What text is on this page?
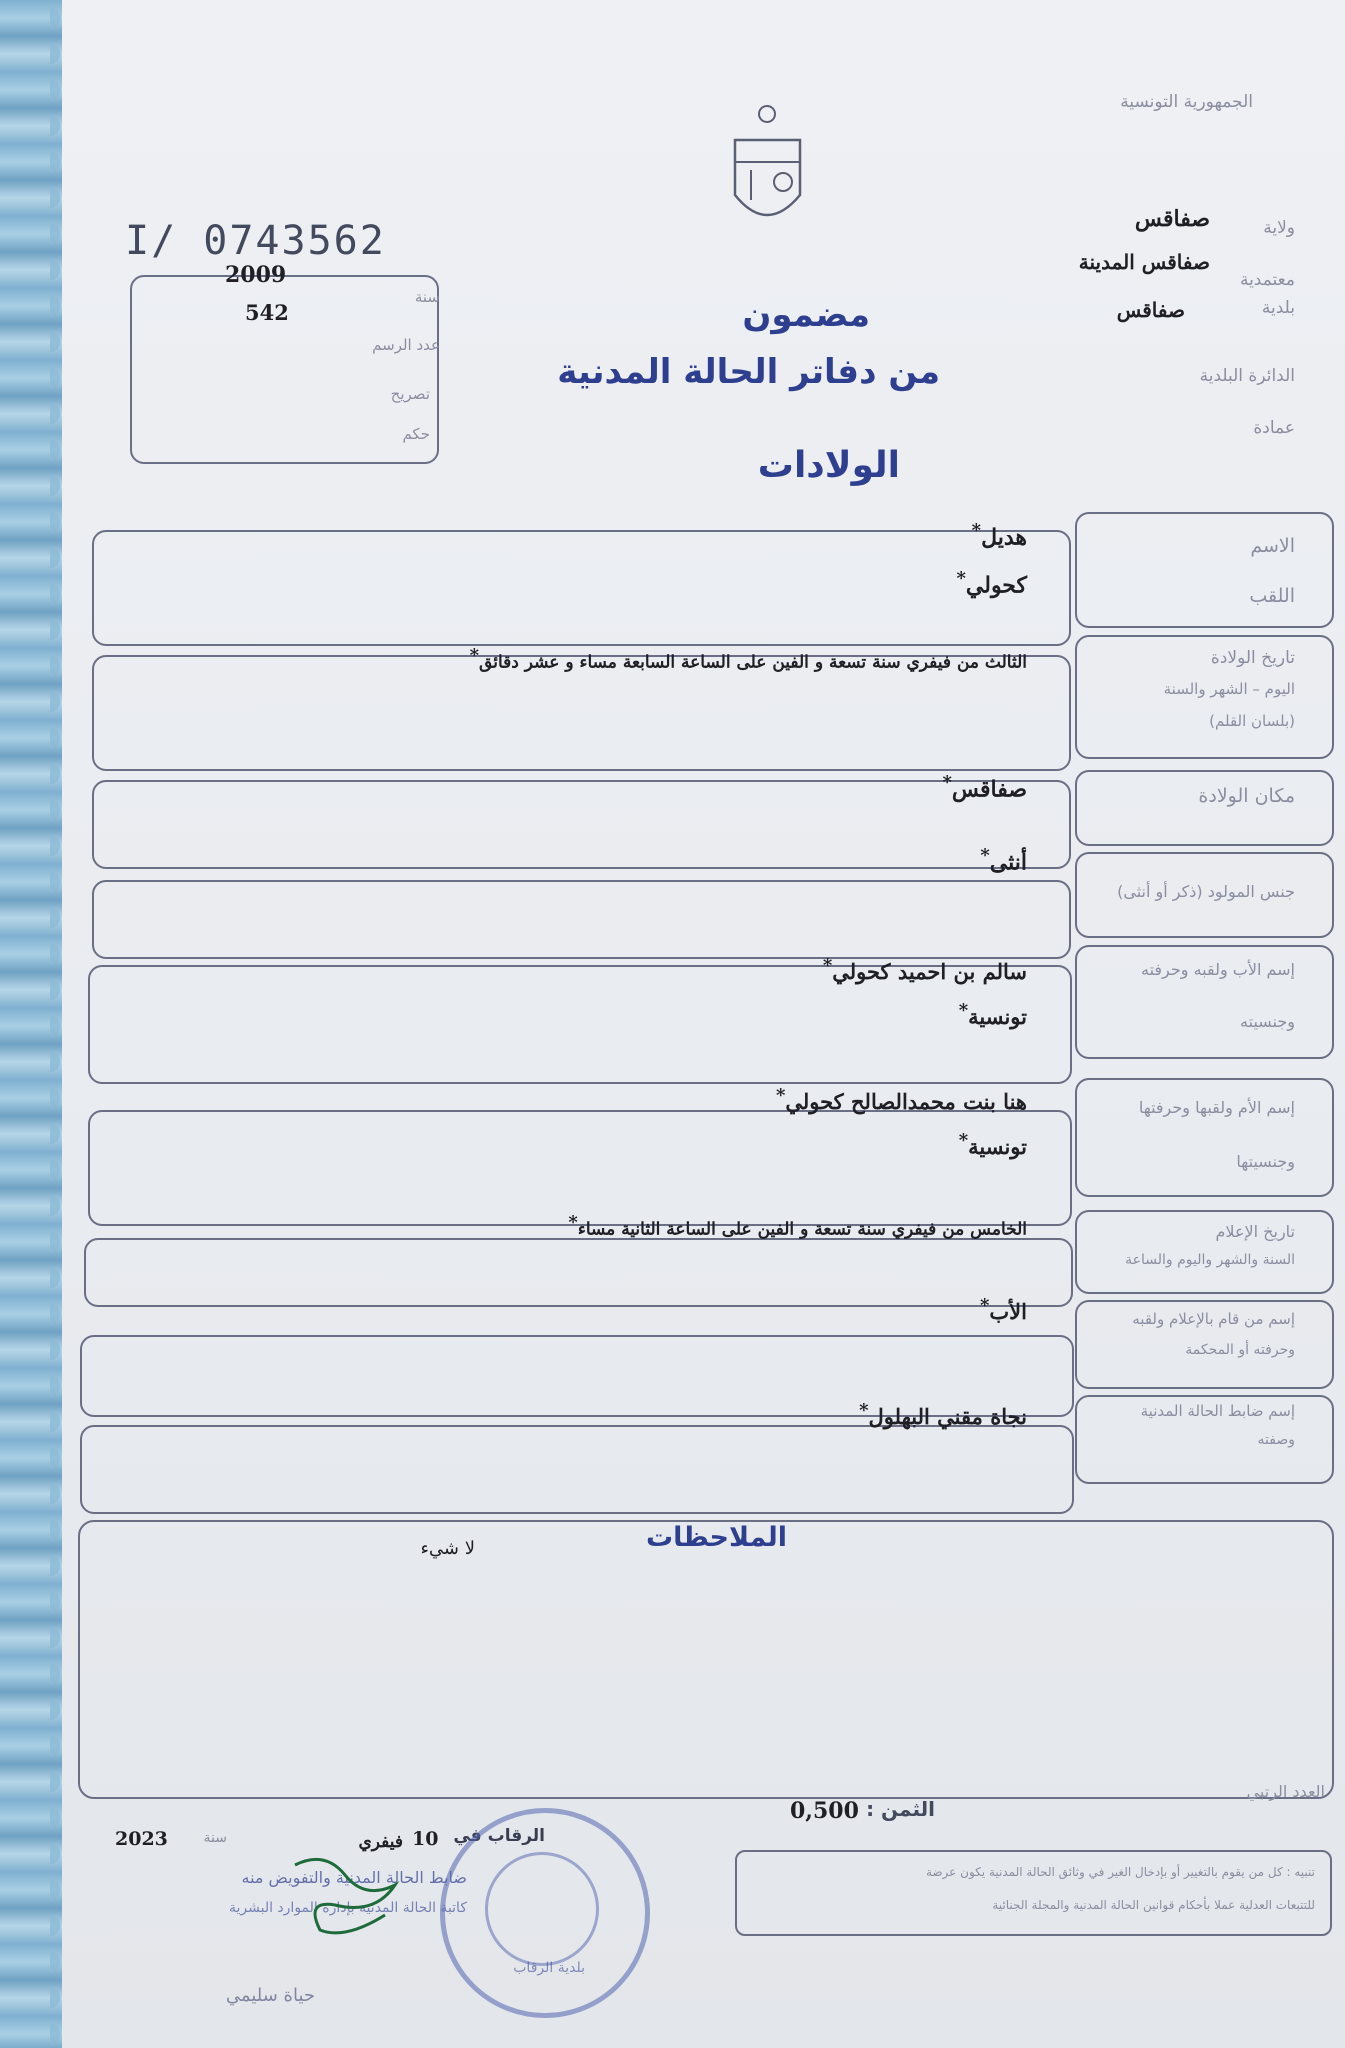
الجمهورية التونسية
ولاية
صفاقس
معتمدية
صفاقس المدينة
بلدية
صفاقس
الدائرة البلدية
عمادة
I/ 0743562
2009
سنة
542
عدد الرسم
تصريح
حكم
مضمون
من دفاتر الحالة المدنية
الولادات
الاسم
اللقب
هديل *
كحولي *
تاريخ الولادة
اليوم – الشهر والسنة
(بلسان القلم)
الثالث من فيفري سنة تسعة و الفين على الساعة السابعة مساء و عشر دقائق *
مكان الولادة
صفاقس *
جنس المولود (ذكر أو أنثى)
أنثى *
إسم الأب ولقبه وحرفته
وجنسيته
سالم بن احميد كحولي *
تونسية *
إسم الأم ولقبها وحرفتها
وجنسيتها
هنا بنت محمدالصالح كحولي *
تونسية *
تاريخ الإعلام
السنة والشهر واليوم والساعة
الخامس من فيفري سنة تسعة و الفين على الساعة الثانية مساء *
إسم من قام بالإعلام ولقبه
وحرفته أو المحكمة
الأب *
إسم ضابط الحالة المدنية
وصفته
نجاة مقني البهلول *
الملاحظات
لا شيء
العدد الرتبي
الثمن :
0,500
تنبيه : كل من يقوم بالتغيير أو بإدخال الغير في وثائق الحالة المدنية يكون عرضة
للتتبعات العدلية عملا بأحكام قوانين الحالة المدنية والمجلة الجنائية
2023	سنة	فيفري 10 الرقاب في
ضابط الحالة المدنية والتفويض منه
كاتبة الحالة المدنية بإدارة الموارد البشرية
حياة سليمي
بلدية الرقاب
